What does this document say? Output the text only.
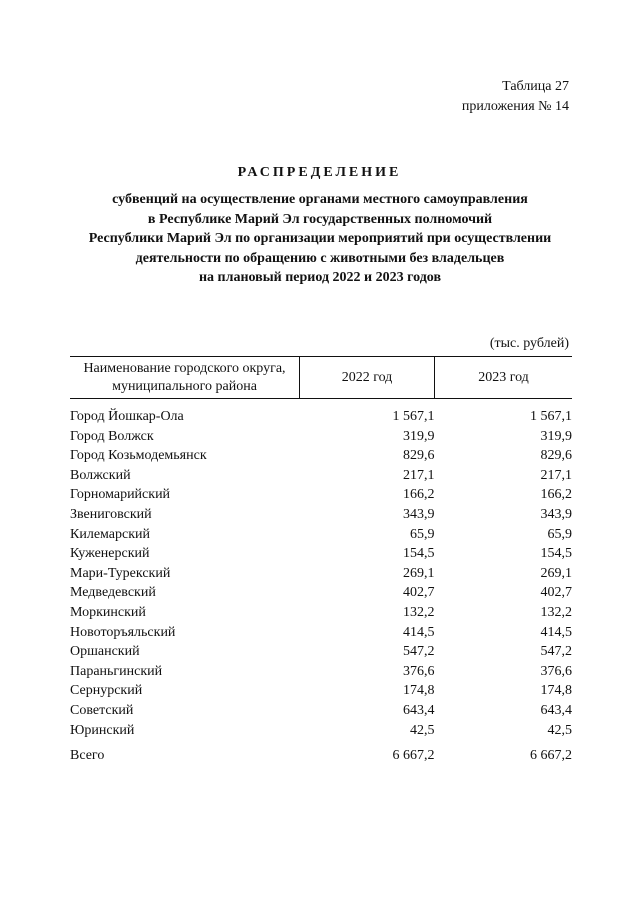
Таблица 27
приложения № 14
РАСПРЕДЕЛЕНИЕ
субвенций на осуществление органами местного самоуправления
в Республике Марий Эл государственных полномочий
Республики Марий Эл по организации мероприятий при осуществлении
деятельности по обращению с животными без владельцев
на плановый период 2022 и 2023 годов
(тыс. рублей)
Наименование городского округа,
муниципального района	2022 год	2023 год
Город Йошкар-Ола	1 567,1	1 567,1
Город Волжск	319,9	319,9
Город Козьмодемьянск	829,6	829,6
Волжский	217,1	217,1
Горномарийский	166,2	166,2
Звениговский	343,9	343,9
Килемарский	65,9	65,9
Куженерский	154,5	154,5
Мари-Турекский	269,1	269,1
Медведевский	402,7	402,7
Моркинский	132,2	132,2
Новоторъяльский	414,5	414,5
Оршанский	547,2	547,2
Параньгинский	376,6	376,6
Сернурский	174,8	174,8
Советский	643,4	643,4
Юринский	42,5	42,5
Всего	6 667,2	6 667,2
